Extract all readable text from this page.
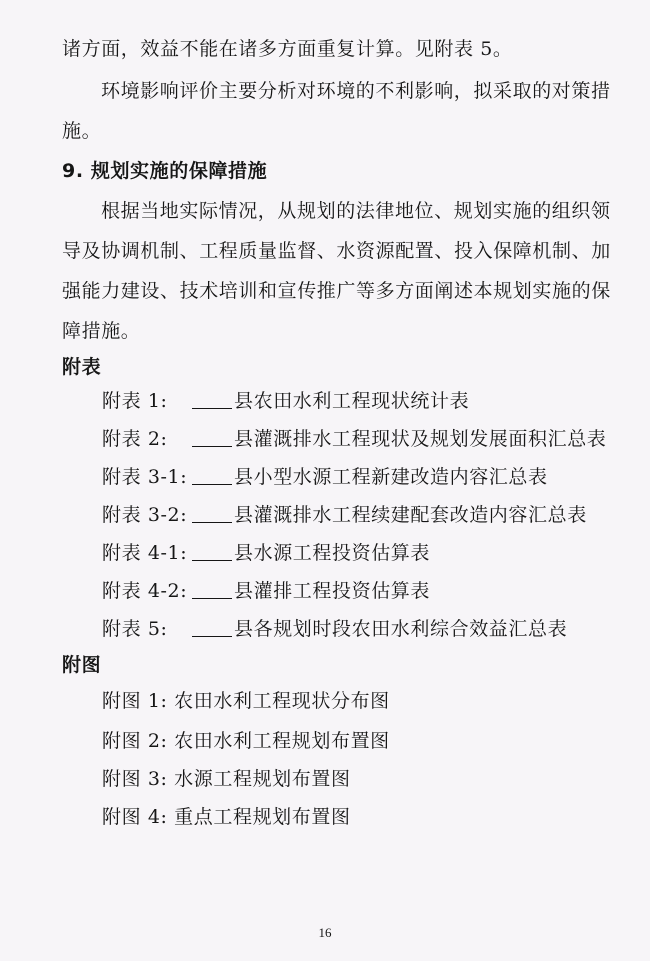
诸方面，效益不能在诸多方面重复计算。见附表 5。
环境影响评价主要分析对环境的不利影响，拟采取的对策措
施。
9. 规划实施的保障措施
根据当地实际情况，从规划的法律地位、规划实施的组织领
导及协调机制、工程质量监督、水资源配置、投入保障机制、加
强能力建设、技术培训和宣传推广等多方面阐述本规划实施的保
障措施。
附表
附表 1:	县农田水利工程现状统计表
附表 2:	县灌溉排水工程现状及规划发展面积汇总表
附表 3-1: 县小型水源工程新建改造内容汇总表
附表 3-2: 县灌溉排水工程续建配套改造内容汇总表
附表 4-1: 县水源工程投资估算表
附表 4-2: 县灌排工程投资估算表
附表 5:	县各规划时段农田水利综合效益汇总表
附图
附图 1: 农田水利工程现状分布图
附图 2: 农田水利工程规划布置图
附图 3: 水源工程规划布置图
附图 4: 重点工程规划布置图
16
